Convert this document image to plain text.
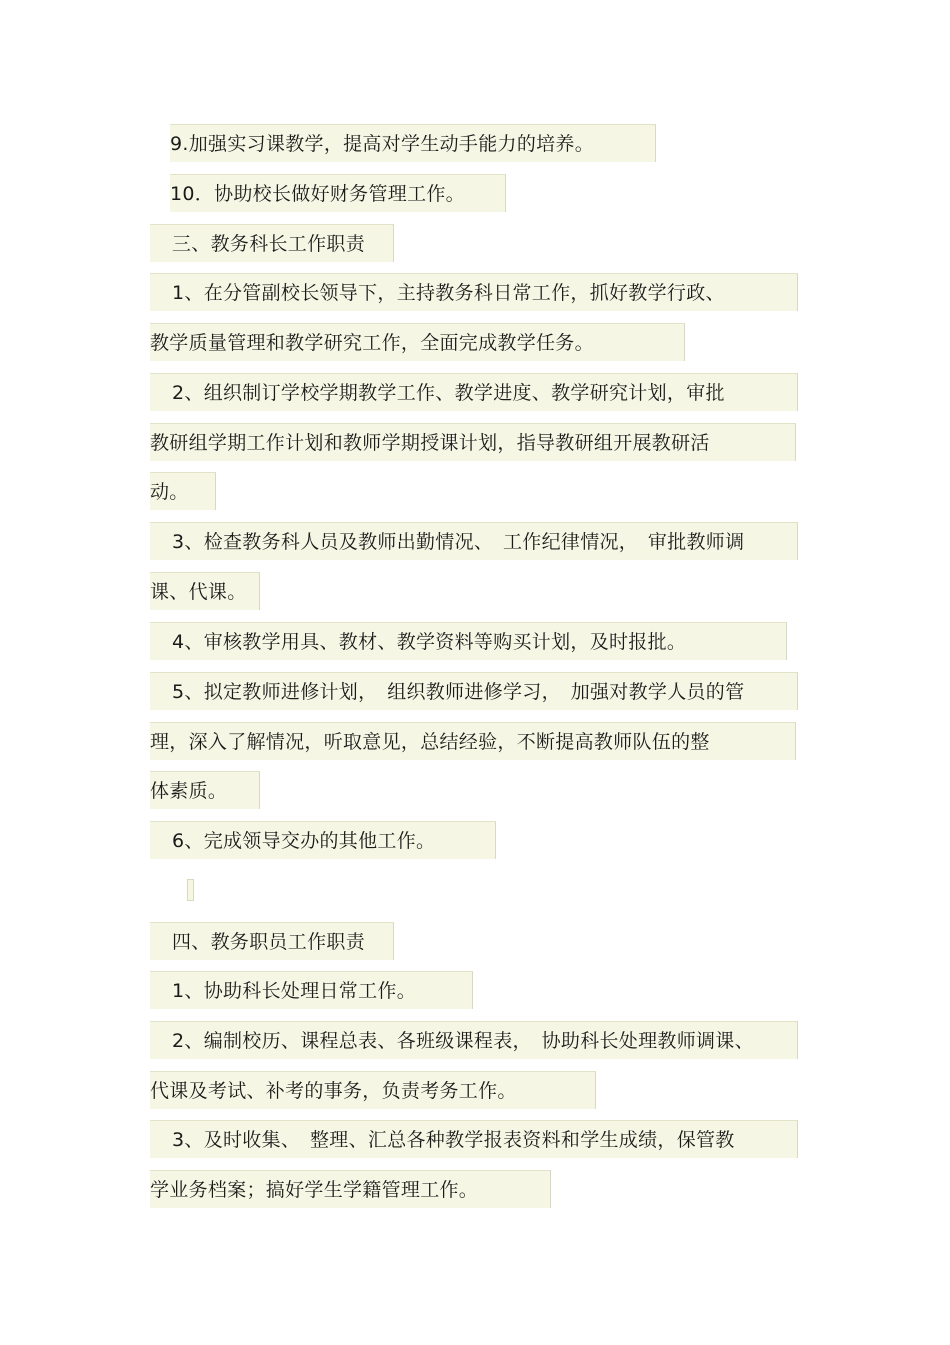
9.加强实习课教学，提高对学生动手能力的培养。
10．协助校长做好财务管理工作。
三、教务科长工作职责
1、在分管副校长领导下，主持教务科日常工作，抓好教学行政、
教学质量管理和教学研究工作，全面完成教学任务。
2、组织制订学校学期教学工作、教学进度、教学研究计划，审批
教研组学期工作计划和教师学期授课计划，指导教研组开展教研活
动。
3、检查教务科人员及教师出勤情况、　工作纪律情况，　审批教师调
课、代课。
4、审核教学用具、教材、教学资料等购买计划，及时报批。
5、拟定教师进修计划，　组织教师进修学习，　加强对教学人员的管
理，深入了解情况，听取意见，总结经验，不断提高教师队伍的整
体素质。
6、完成领导交办的其他工作。
四、教务职员工作职责
1、协助科长处理日常工作。
2、编制校历、课程总表、各班级课程表，　协助科长处理教师调课、
代课及考试、补考的事务，负责考务工作。
3、及时收集、　整理、汇总各种教学报表资料和学生成绩，保管教
学业务档案；搞好学生学籍管理工作。
